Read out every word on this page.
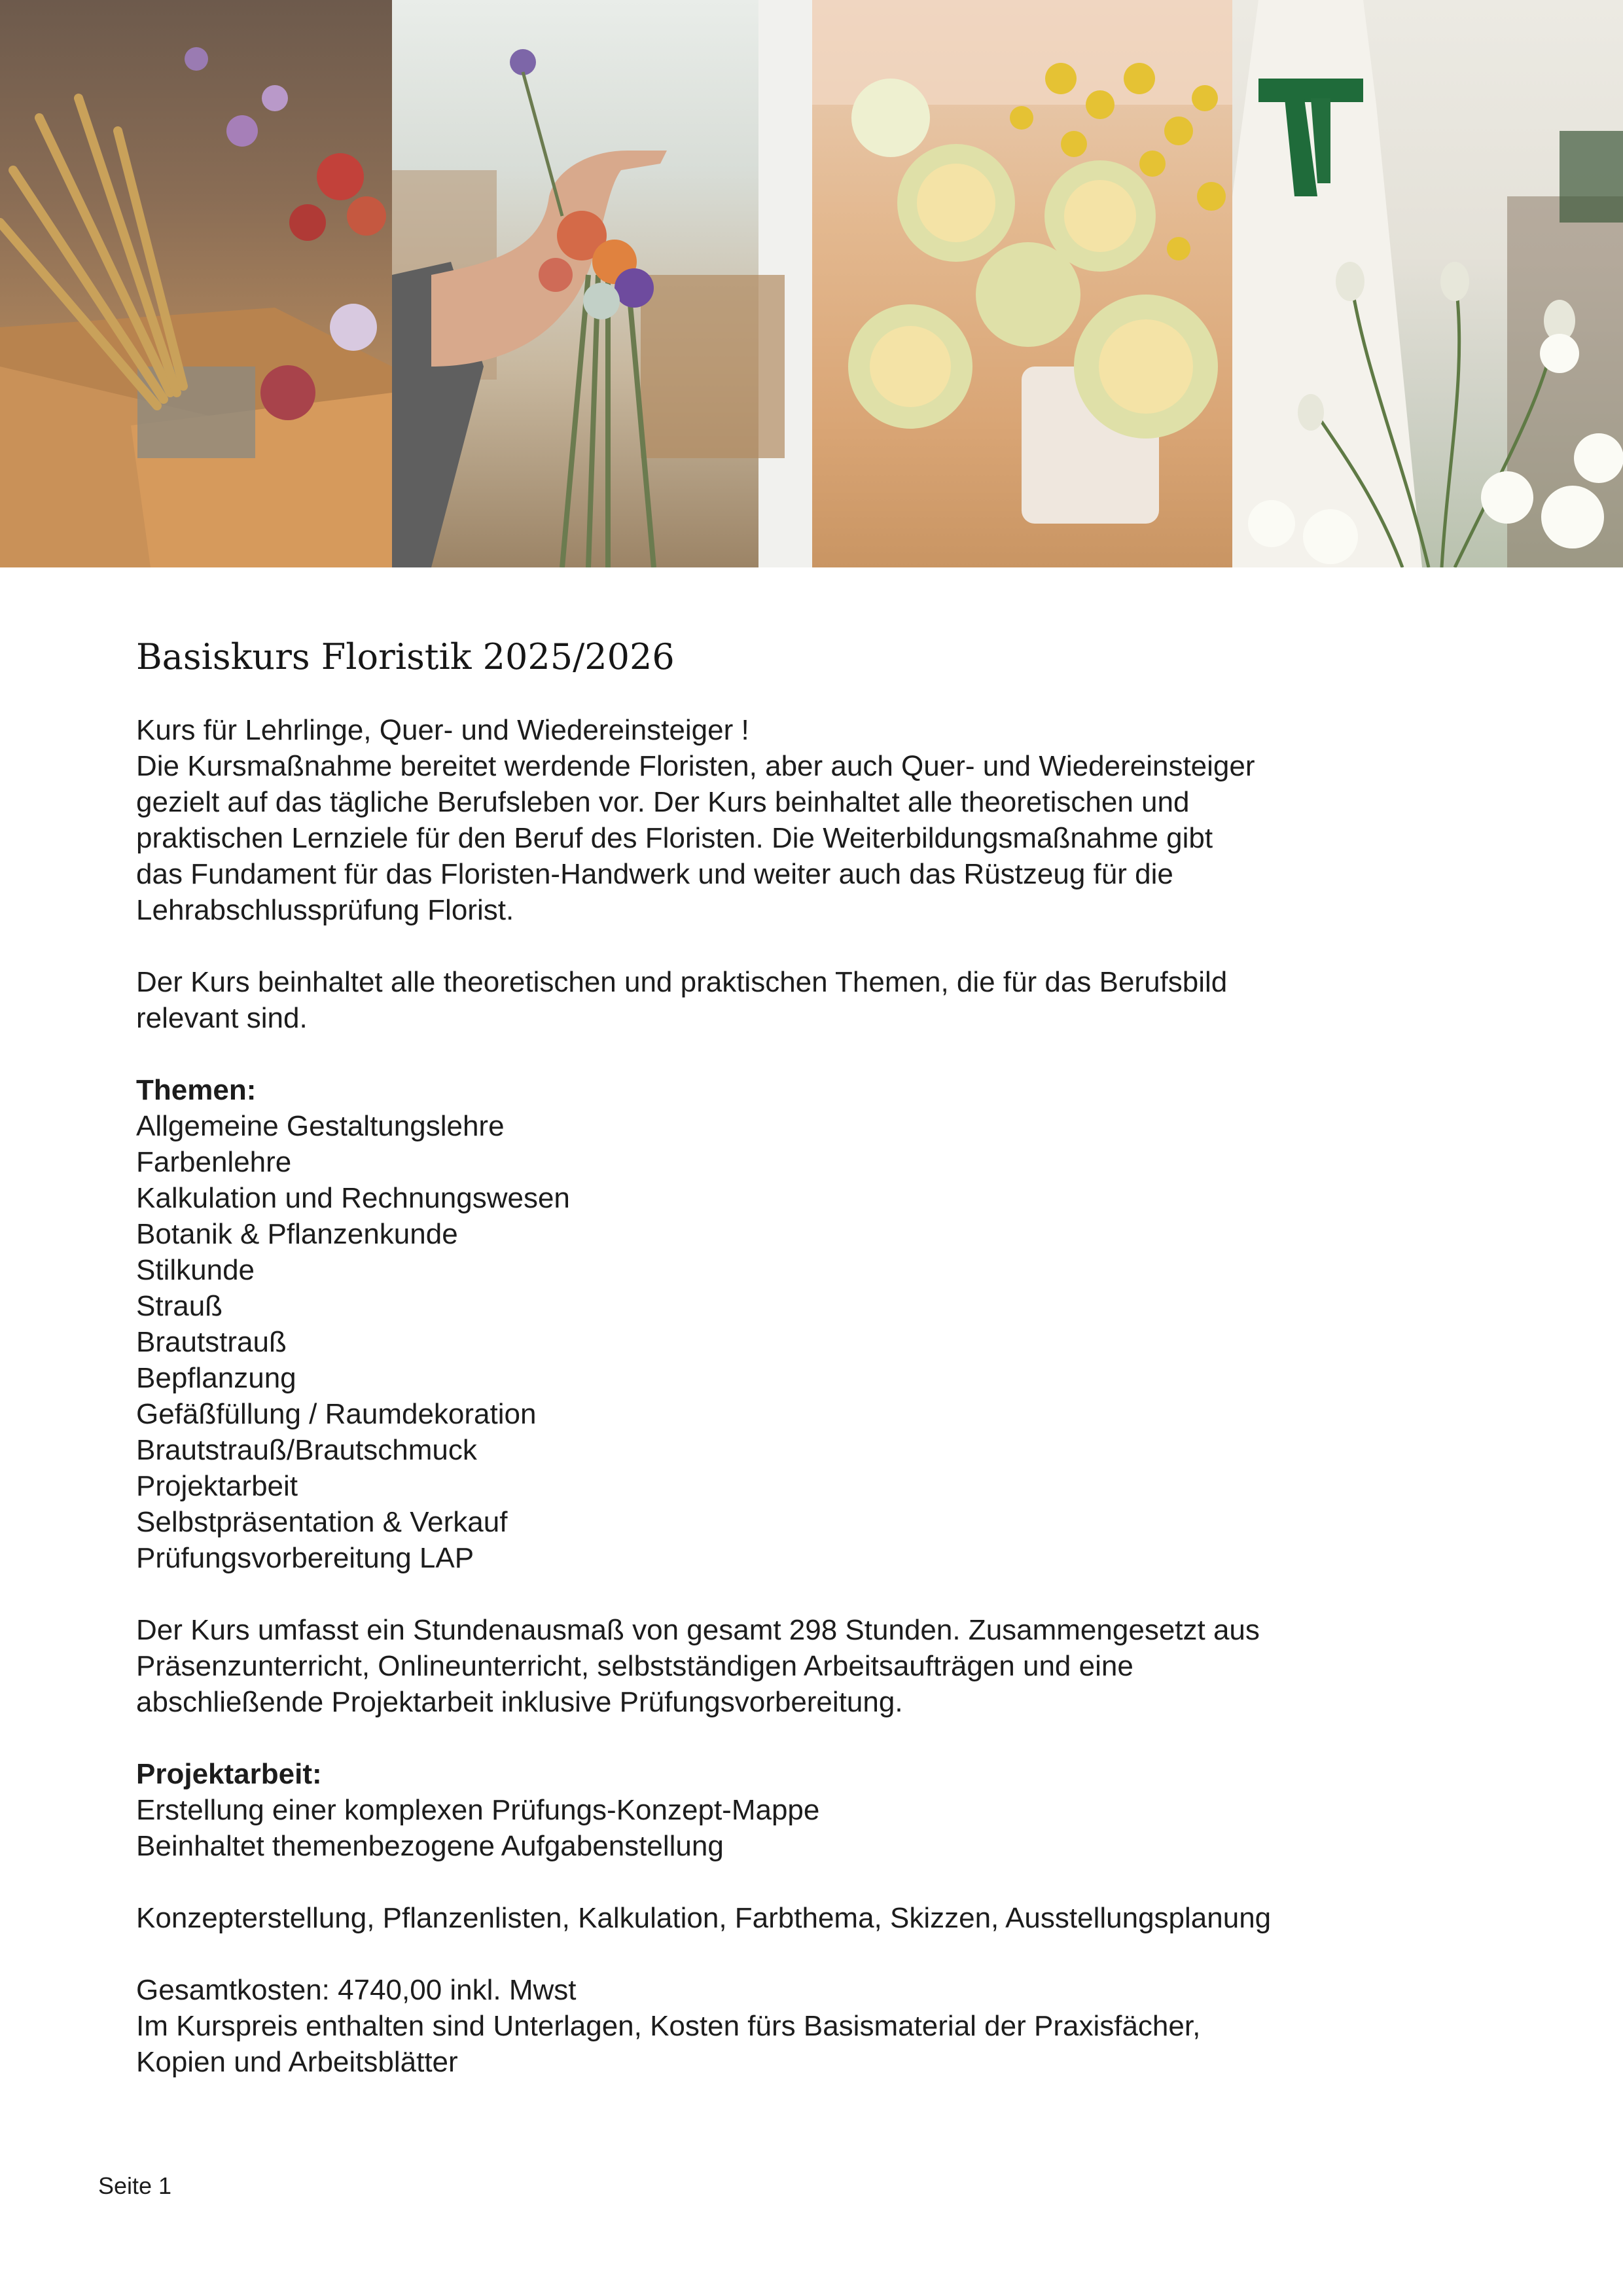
Basiskurs Floristik 2025/2026

Kurs für Lehrlinge, Quer- und Wiedereinsteiger !

Die Kursmaßnahme bereitet werdende Floristen, aber auch Quer- und Wiedereinsteiger

gezielt auf das tägliche Berufsleben vor. Der Kurs beinhaltet alle theoretischen und

praktischen Lernziele für den Beruf des Floristen. Die Weiterbildungsmaßnahme gibt

das Fundament für das Floristen-Handwerk und weiter auch das Rüstzeug für die

Lehrabschlussprüfung Florist.

Der Kurs beinhaltet alle theoretischen und praktischen Themen, die für das Berufsbild

relevant sind.

Themen:

Allgemeine Gestaltungslehre
Farbenlehre
Kalkulation und Rechnungswesen
Botanik & Pflanzenkunde
Stilkunde
Strauß
Brautstrauß
Bepflanzung
Gefäßfüllung / Raumdekoration
Brautstrauß/Brautschmuck
Projektarbeit
Selbstpräsentation & Verkauf
Prüfungsvorbereitung LAP

Der Kurs umfasst ein Stundenausmaß von gesamt 298 Stunden. Zusammengesetzt aus

Präsenzunterricht, Onlineunterricht, selbstständigen Arbeitsaufträgen und eine

abschließende Projektarbeit inklusive Prüfungsvorbereitung.

Projektarbeit:

Erstellung einer komplexen Prüfungs-Konzept-Mappe

Beinhaltet themenbezogene Aufgabenstellung

Konzepterstellung, Pflanzenlisten, Kalkulation, Farbthema, Skizzen, Ausstellungsplanung

Gesamtkosten: 4740,00 inkl. Mwst

Im Kurspreis enthalten sind Unterlagen, Kosten fürs Basismaterial der Praxisfächer,

Kopien und Arbeitsblätter

Seite 1
